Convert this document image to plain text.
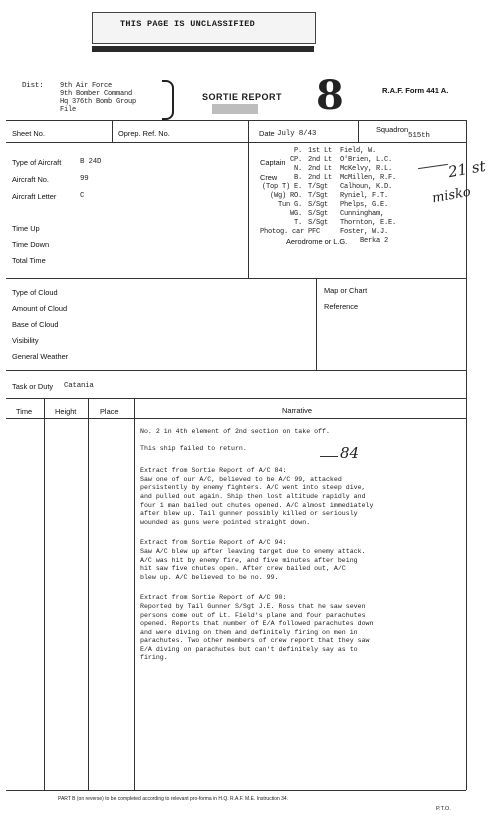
THIS PAGE IS UNCLASSIFIED
Dist: 9th Air Force
9th Bomber Command
Hq 376th Bomb Group
File
SORTIE REPORT 8	R.A.F. Form 441 A.
Sheet No.	Oprep. Ref. No.	Date July 8/43	Squadron
515th
Type of Aircraft	B 24D
Aircraft No.	99
Aircraft Letter	C
Captain
Crew
P. 1st Lt Field, W.
CP. 2nd Lt O'Brien, L.C.
N. 2nd Lt McKelvy, R.L.
B. 2nd Lt McMillen, R.F.
(Top T) E. T/Sgt Calhoun, K.D.
(Wg) RO. T/Sgt Ryniel, F.T.
Tun G. S/Sgt Phelps, G.E.
WG. S/Sgt Cunningham,
T. S/Sgt Thornton, E.E.
Photog. car PFC	Foster, W.J.
Aerodrome or L.G. Berka 2
21 st
misko
Time Up
Time Down
Total Time
Type of Cloud
Amount of Cloud
Base of Cloud
Visibility
General Weather
Map or Chart
Reference
Task or Duty Catania
Time	Height	Place	Narrative

No. 2 in 4th element of 2nd section on take off.

This ship failed to return.

Extract from Sortie Report of A/C 84:
Saw one of our A/C, believed to be A/C 99, attacked
persistently by enemy fighters. A/C went into steep dive,
and pulled out again. Ship then lost altitude rapidly and
four 1 man bailed out chutes opened. A/C almost immediately
after blew up. Tail gunner possibly killed or seriously
wounded as guns were pointed straight down.

Extract from Sortie Report of A/C 94:
Saw A/C blew up after leaving target due to enemy attack.
A/C was hit by enemy fire, and five minutes after being
hit saw five chutes open. After crew bailed out, A/C
blew up. A/C believed to be no. 99.

Extract from Sortie Report of A/C 90:
Reported by Tail Gunner S/Sgt J.E. Ross that he saw seven
persons come out of Lt. Field's plane and four parachutes
opened. Reports that number of E/A followed parachutes down
and were diving on them and definitely firing on men in
parachutes. Two other members of crew report that they saw
E/A diving on parachutes but can't definitely say as to
firing.

84
PART B (on reverse) to be completed according to relevant pro-forma in H.Q. R.A.F. M.E. Instruction 34.
P.T.O.
